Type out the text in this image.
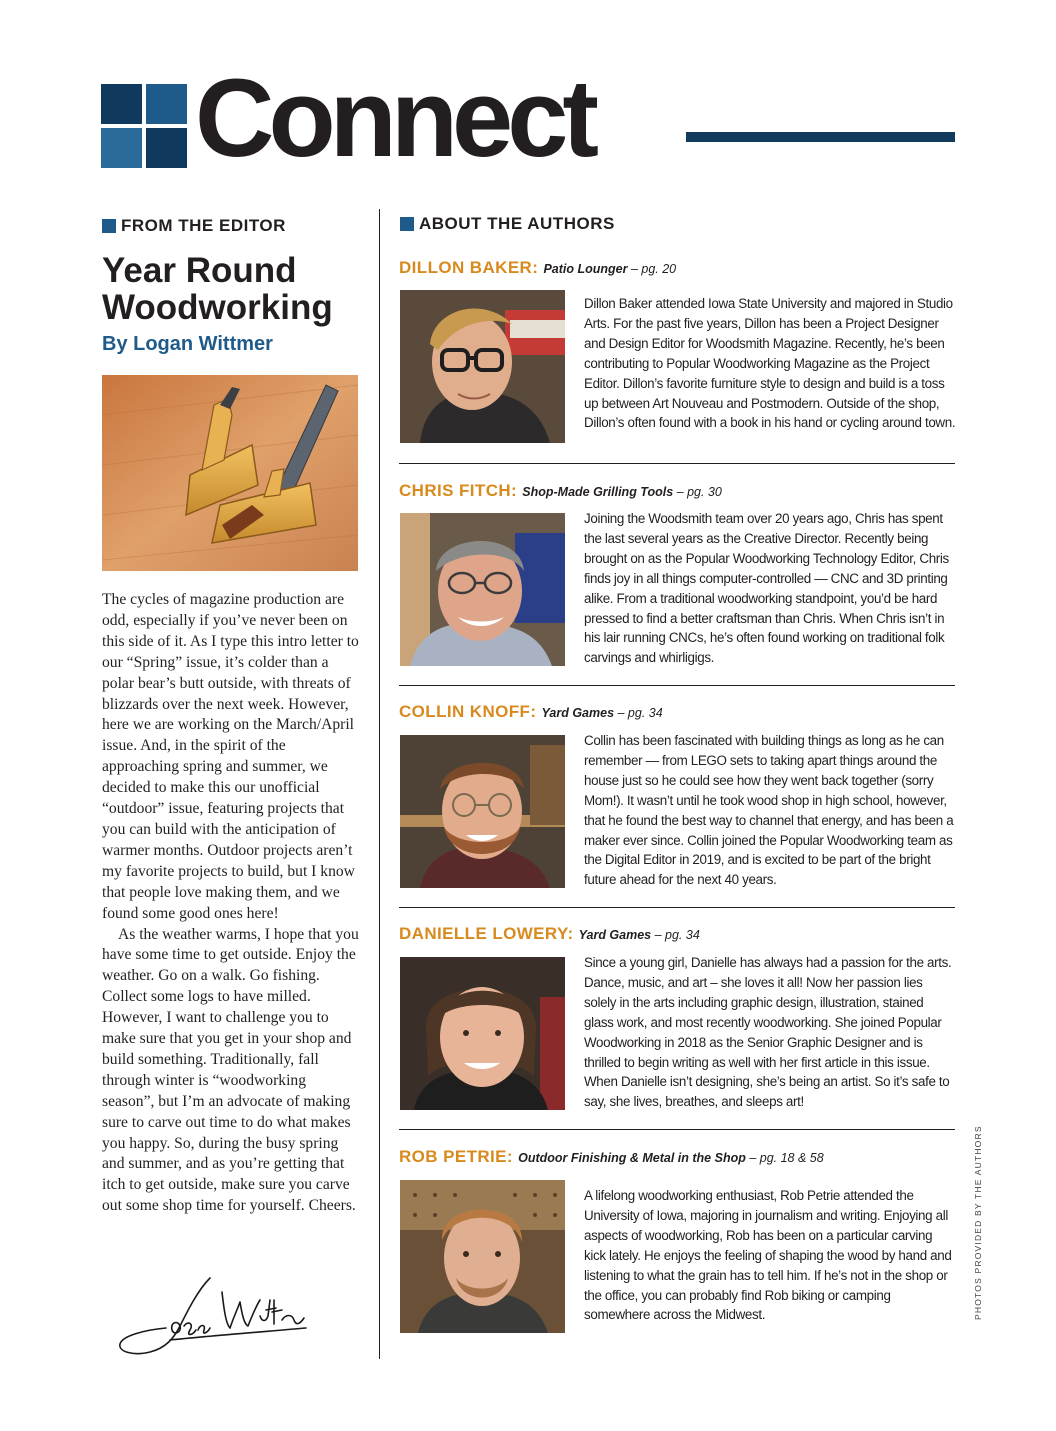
Connect
FROM THE EDITOR
Year Round Woodworking
By Logan Wittmer

The cycles of magazine production are odd, especially if you’ve never been on this side of it. As I type this intro letter to our “Spring” issue, it’s colder than a polar bear’s butt outside, with threats of blizzards over the next week. However, here we are working on the March/April issue. And, in the spirit of the approaching spring and summer, we decided to make this our unofficial “outdoor” issue, featuring projects that you can build with the anticipation of warmer months. Outdoor projects aren’t my favorite projects to build, but I know that people love making them, and we found some good ones here!

As the weather warms, I hope that you have some time to get outside. Enjoy the weather. Go on a walk. Go fishing. Collect some logs to have milled. However, I want to challenge you to make sure that you get in your shop and build something. Traditionally, fall through winter is “woodworking season”, but I’m an advocate of making sure to carve out time to do what makes you happy. So, during the busy spring and summer, and as you’re getting that itch to get outside, make sure you carve out some shop time for yourself. Cheers.

ABOUT THE AUTHORS
DILLON BAKER: Patio Lounger – pg. 20
Dillon Baker attended Iowa State University and majored in Studio Arts. For the past five years, Dillon has been a Project Designer and Design Editor for Woodsmith Magazine. Recently, he’s been contributing to Popular Woodworking Magazine as the Project Editor. Dillon’s favorite furniture style to design and build is a toss up between Art Nouveau and Postmodern. Outside of the shop, Dillon’s often found with a book in his hand or cycling around town.
CHRIS FITCH: Shop-Made Grilling Tools – pg. 30
Joining the Woodsmith team over 20 years ago, Chris has spent the last several years as the Creative Director. Recently being brought on as the Popular Woodworking Technology Editor, Chris finds joy in all things computer-controlled — CNC and 3D printing alike. From a traditional woodworking standpoint, you’d be hard pressed to find a better craftsman than Chris. When Chris isn’t in his lair running CNCs, he’s often found working on traditional folk carvings and whirligigs.
COLLIN KNOFF: Yard Games – pg. 34
Collin has been fascinated with building things as long as he can remember — from LEGO sets to taking apart things around the house just so he could see how they went back together (sorry Mom!). It wasn’t until he took wood shop in high school, however, that he found the best way to channel that energy, and has been a maker ever since. Collin joined the Popular Woodworking team as the Digital Editor in 2019, and is excited to be part of the bright future ahead for the next 40 years.
DANIELLE LOWERY: Yard Games – pg. 34
Since a young girl, Danielle has always had a passion for the arts. Dance, music, and art – she loves it all! Now her passion lies solely in the arts including graphic design, illustration, stained glass work, and most recently woodworking. She joined Popular Woodworking in 2018 as the Senior Graphic Designer and is thrilled to begin writing as well with her first article in this issue. When Danielle isn’t designing, she’s being an artist. So it’s safe to say, she lives, breathes, and sleeps art!
ROB PETRIE: Outdoor Finishing & Metal in the Shop – pg. 18 & 58
A lifelong woodworking enthusiast, Rob Petrie attended the University of Iowa, majoring in journalism and writing. Enjoying all aspects of woodworking, Rob has been on a particular carving kick lately. He enjoys the feeling of shaping the wood by hand and listening to what the grain has to tell him. If he’s not in the shop or the office, you can probably find Rob biking or camping somewhere across the Midwest.	PHOTOS PROVIDED BY THE AUTHORS
